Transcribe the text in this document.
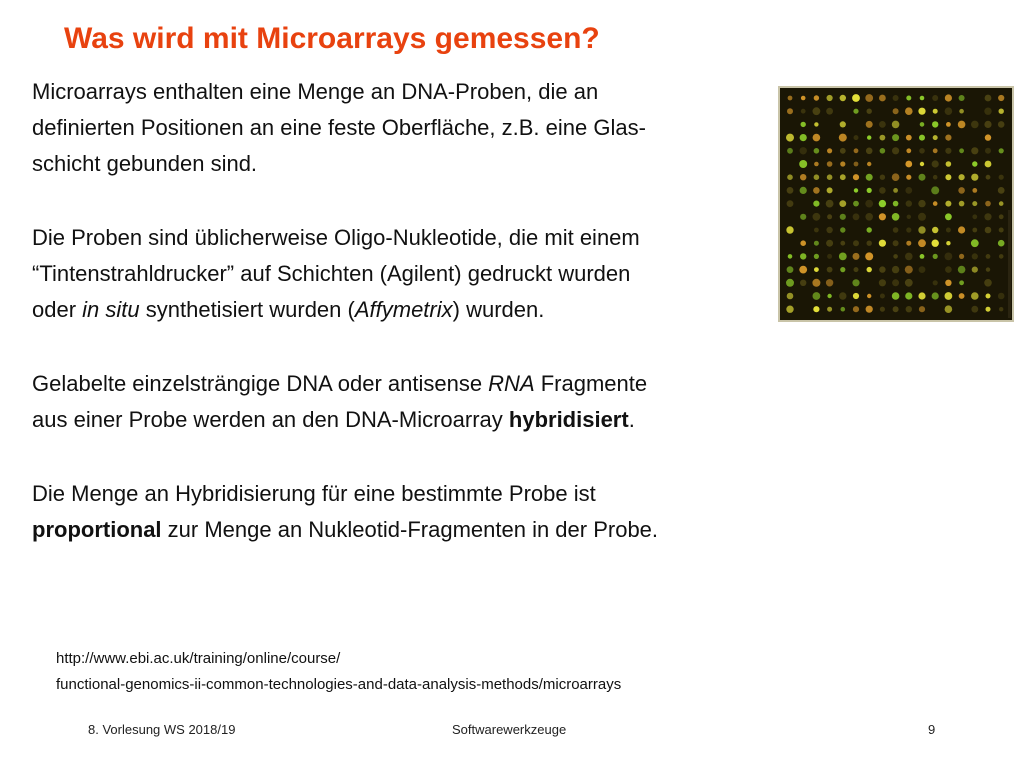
Was wird mit Microarrays gemessen?
Microarrays enthalten eine Menge an DNA-Proben, die an
definierten Positionen an eine feste Oberfläche, z.B. eine Glas-
schicht gebunden sind.
Die Proben sind üblicherweise Oligo-Nukleotide, die mit einem
“Tintenstrahldrucker” auf Schichten (Agilent) gedruckt wurden
oder in situ synthetisiert wurden (Affymetrix) wurden.
Gelabelte einzelsträngige DNA oder antisense RNA Fragmente
aus einer Probe werden an den DNA-Microarray hybridisiert.
Die Menge an Hybridisierung für eine bestimmte Probe ist
proportional zur Menge an Nukleotid-Fragmenten in der Probe.
http://www.ebi.ac.uk/training/online/course/
functional-genomics-ii-common-technologies-and-data-analysis-methods/microarrays
8. Vorlesung WS 2018/19	Softwarewerkzeuge	9
